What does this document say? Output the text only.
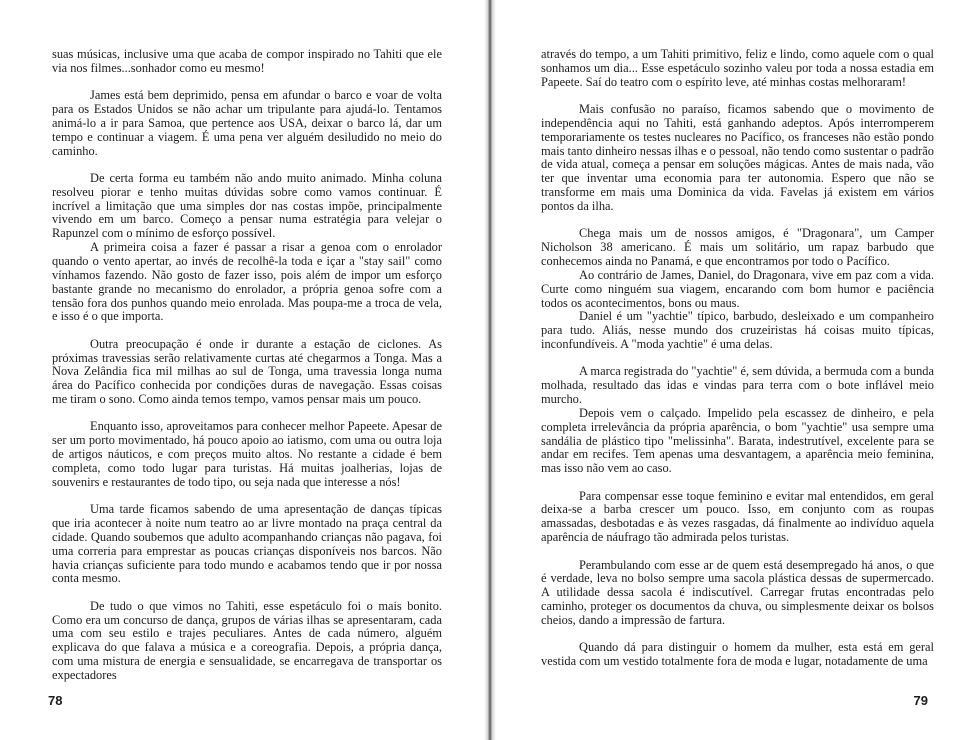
suas músicas, inclusive uma que acaba de compor inspirado no Tahiti que ele via nos filmes...sonhador como eu mesmo!

James está bem deprimido, pensa em afundar o barco e voar de volta para os Estados Unidos se não achar um tripulante para ajudá-lo. Tentamos animá-lo a ir para Samoa, que pertence aos USA, deixar o barco lá, dar um tempo e continuar a viagem. É uma pena ver alguém desiludido no meio do caminho.

De certa forma eu também não ando muito animado. Minha coluna resolveu piorar e tenho muitas dúvidas sobre como vamos continuar. É incrível a limitação que uma simples dor nas costas impõe, principalmente vivendo em um barco. Começo a pensar numa estratégia para velejar o Rapunzel com o mínimo de esforço possível.

A primeira coisa a fazer é passar a risar a genoa com o enrolador quando o vento apertar, ao invés de recolhê-la toda e içar a "stay sail" como vínhamos fazendo. Não gosto de fazer isso, pois além de impor um esforço bastante grande no mecanismo do enrolador, a própria genoa sofre com a tensão fora dos punhos quando meio enrolada. Mas poupa-me a troca de vela, e isso é o que importa.

Outra preocupação é onde ir durante a estação de ciclones. As próximas travessias serão relativamente curtas até chegarmos a Tonga. Mas a Nova Zelândia fica mil milhas ao sul de Tonga, uma travessia longa numa área do Pacífico conhecida por condições duras de navegação. Essas coisas me tiram o sono. Como ainda temos tempo, vamos pensar mais um pouco.

Enquanto isso, aproveitamos para conhecer melhor Papeete. Apesar de ser um porto movimentado, há pouco apoio ao iatismo, com uma ou outra loja de artigos náuticos, e com preços muito altos. No restante a cidade é bem completa, como todo lugar para turistas. Há muitas joalherias, lojas de souvenirs e restaurantes de todo tipo, ou seja nada que interesse a nós!

Uma tarde ficamos sabendo de uma apresentação de danças típicas que iria acontecer à noite num teatro ao ar livre montado na praça central da cidade. Quando soubemos que adulto acompanhando crianças não pagava, foi uma correria para emprestar as poucas crianças disponíveis nos barcos. Não havia crianças suficiente para todo mundo e acabamos tendo que ir por nossa conta mesmo.

De tudo o que vimos no Tahiti, esse espetáculo foi o mais bonito. Como era um concurso de dança, grupos de várias ilhas se apresentaram, cada uma com seu estilo e trajes peculiares. Antes de cada número, alguém explicava do que falava a música e a coreografia. Depois, a própria dança, com uma mistura de energia e sensualidade, se encarregava de transportar os expectadores

78

através do tempo, a um Tahiti primitivo, feliz e lindo, como aquele com o qual sonhamos um dia... Esse espetáculo sozinho valeu por toda a nossa estadia em Papeete. Saí do teatro com o espírito leve, até minhas costas melhoraram!

Mais confusão no paraíso, ficamos sabendo que o movimento de independência aqui no Tahiti, está ganhando adeptos. Após interromperem temporariamente os testes nucleares no Pacífico, os franceses não estão pondo mais tanto dinheiro nessas ilhas e o pessoal, não tendo como sustentar o padrão de vida atual, começa a pensar em soluções mágicas. Antes de mais nada, vão ter que inventar uma economia para ter autonomia. Espero que não se transforme em mais uma Dominica da vida. Favelas já existem em vários pontos da ilha.

Chega mais um de nossos amigos, é "Dragonara", um Camper Nicholson 38 americano. É mais um solitário, um rapaz barbudo que conhecemos ainda no Panamá, e que encontramos por todo o Pacífico.

Ao contrário de James, Daniel, do Dragonara, vive em paz com a vida. Curte como ninguém sua viagem, encarando com bom humor e paciência todos os acontecimentos, bons ou maus.

Daniel é um "yachtie" típico, barbudo, desleixado e um companheiro para tudo. Aliás, nesse mundo dos cruzeiristas há coisas muito típicas, inconfundíveis. A "moda yachtie" é uma delas.

A marca registrada do "yachtie" é, sem dúvida, a bermuda com a bunda molhada, resultado das idas e vindas para terra com o bote inflável meio murcho.

Depois vem o calçado. Impelido pela escassez de dinheiro, e pela completa irrelevância da própria aparência, o bom "yachtie" usa sempre uma sandália de plástico tipo "melissinha". Barata, indestrutível, excelente para se andar em recifes. Tem apenas uma desvantagem, a aparência meio feminina, mas isso não vem ao caso.

Para compensar esse toque feminino e evitar mal entendidos, em geral deixa-se a barba crescer um pouco. Isso, em conjunto com as roupas amassadas, desbotadas e às vezes rasgadas, dá finalmente ao indivíduo aquela aparência de náufrago tão admirada pelos turistas.

Perambulando com esse ar de quem está desempregado há anos, o que é verdade, leva no bolso sempre uma sacola plástica dessas de supermercado. A utilidade dessa sacola é indiscutível. Carregar frutas encontradas pelo caminho, proteger os documentos da chuva, ou simplesmente deixar os bolsos cheios, dando a impressão de fartura.

Quando dá para distinguir o homem da mulher, esta está em geral vestida com um vestido totalmente fora de moda e lugar, notadamente de uma

79
